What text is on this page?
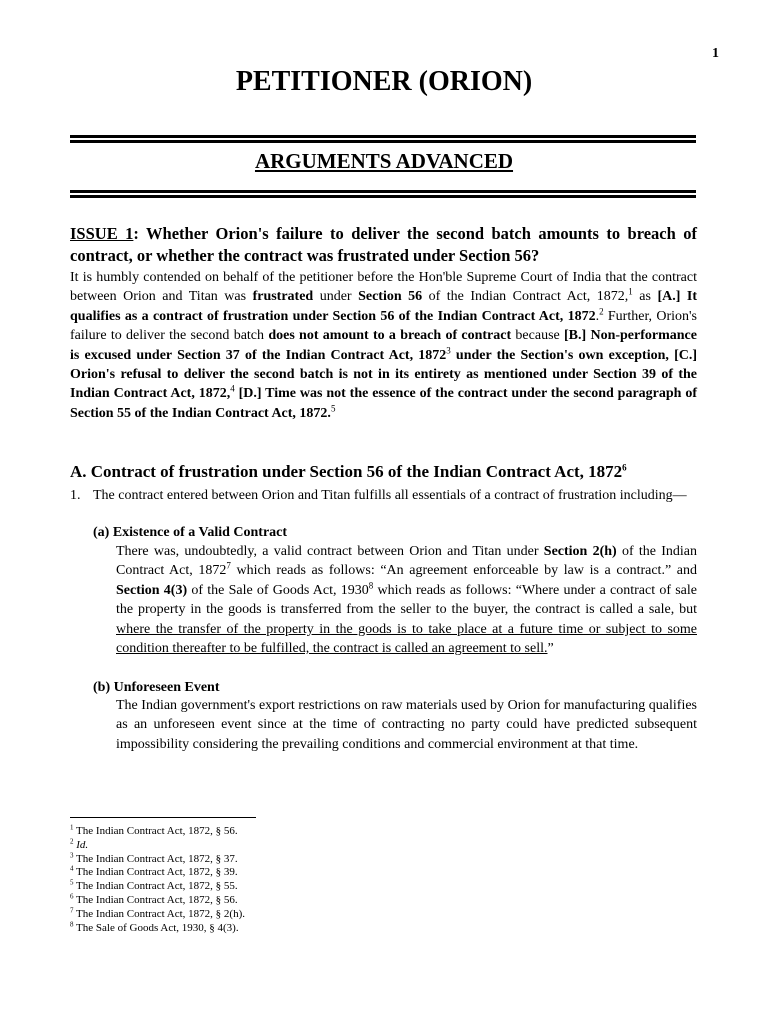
1
PETITIONER (ORION)
ARGUMENTS ADVANCED
ISSUE 1: Whether Orion's failure to deliver the second batch amounts to breach of contract, or whether the contract was frustrated under Section 56?
It is humbly contended on behalf of the petitioner before the Hon'ble Supreme Court of India that the contract between Orion and Titan was frustrated under Section 56 of the Indian Contract Act, 1872,$^1$ as [A.] It qualifies as a contract of frustration under Section 56 of the Indian Contract Act, 1872.$^2$ Further, Orion's failure to deliver the second batch does not amount to a breach of contract because [B.] Non-performance is excused under Section 37 of the Indian Contract Act, 1872$^3$ under the Section's own exception, [C.] Orion's refusal to deliver the second batch is not in its entirety as mentioned under Section 39 of the Indian Contract Act, 1872,$^4$ [D.] Time was not the essence of the contract under the second paragraph of Section 55 of the Indian Contract Act, 1872.$^5$
A. Contract of frustration under Section 56 of the Indian Contract Act, 1872$^6$
1. The contract entered between Orion and Titan fulfills all essentials of a contract of frustration including—
(a) Existence of a Valid Contract
There was, undoubtedly, a valid contract between Orion and Titan under Section 2(h) of the Indian Contract Act, 1872$^7$ which reads as follows: “An agreement enforceable by law is a contract.” and Section 4(3) of the Sale of Goods Act, 1930$^8$ which reads as follows: “Where under a contract of sale the property in the goods is transferred from the seller to the buyer, the contract is called a sale, but where the transfer of the property in the goods is to take place at a future time or subject to some condition thereafter to be fulfilled, the contract is called an agreement to sell.”
(b) Unforeseen Event
The Indian government's export restrictions on raw materials used by Orion for manufacturing qualifies as an unforeseen event since at the time of contracting no party could have predicted subsequent impossibility considering the prevailing conditions and commercial environment at that time.
$^1$ The Indian Contract Act, 1872, § 56.
$^2$ Id.
$^3$ The Indian Contract Act, 1872, § 37.
$^4$ The Indian Contract Act, 1872, § 39.
$^5$ The Indian Contract Act, 1872, § 55.
$^6$ The Indian Contract Act, 1872, § 56.
$^7$ The Indian Contract Act, 1872, § 2(h).
$^8$ The Sale of Goods Act, 1930, § 4(3).
